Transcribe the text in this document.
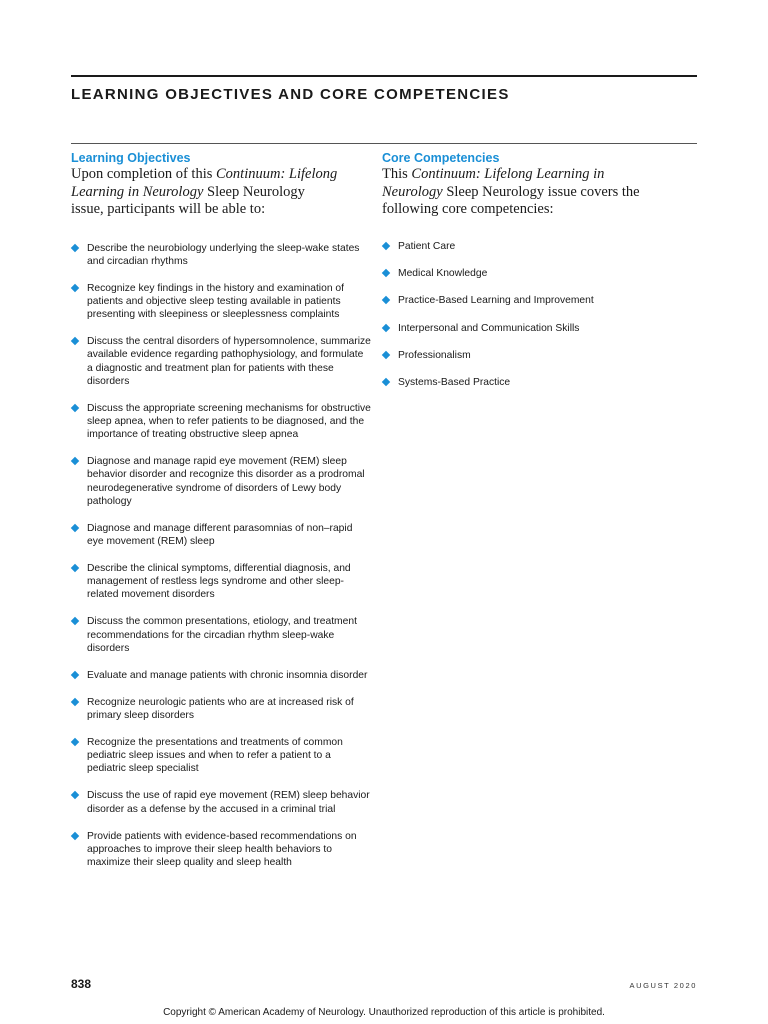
LEARNING OBJECTIVES AND CORE COMPETENCIES
Learning Objectives

Upon completion of this Continuum: Lifelong Learning in Neurology Sleep Neurology issue, participants will be able to:

Describe the neurobiology underlying the sleep-wake states and circadian rhythms
Recognize key findings in the history and examination of patients and objective sleep testing available in patients presenting with sleepiness or sleeplessness complaints
Discuss the central disorders of hypersomnolence, summarize available evidence regarding pathophysiology, and formulate a diagnostic and treatment plan for patients with these disorders
Discuss the appropriate screening mechanisms for obstructive sleep apnea, when to refer patients to be diagnosed, and the importance of treating obstructive sleep apnea
Diagnose and manage rapid eye movement (REM) sleep behavior disorder and recognize this disorder as a prodromal neurodegenerative syndrome of disorders of Lewy body pathology
Diagnose and manage different parasomnias of non–rapid eye movement (REM) sleep
Describe the clinical symptoms, differential diagnosis, and management of restless legs syndrome and other sleep-related movement disorders
Discuss the common presentations, etiology, and treatment recommendations for the circadian rhythm sleep-wake disorders
Evaluate and manage patients with chronic insomnia disorder
Recognize neurologic patients who are at increased risk of primary sleep disorders
Recognize the presentations and treatments of common pediatric sleep issues and when to refer a patient to a pediatric sleep specialist
Discuss the use of rapid eye movement (REM) sleep behavior disorder as a defense by the accused in a criminal trial
Provide patients with evidence-based recommendations on approaches to improve their sleep health behaviors to maximize their sleep quality and sleep health
Core Competencies

This Continuum: Lifelong Learning in Neurology Sleep Neurology issue covers the following core competencies:

Patient Care
Medical Knowledge
Practice-Based Learning and Improvement
Interpersonal and Communication Skills
Professionalism
Systems-Based Practice
838	AUGUST 2020
Copyright © American Academy of Neurology. Unauthorized reproduction of this article is prohibited.
